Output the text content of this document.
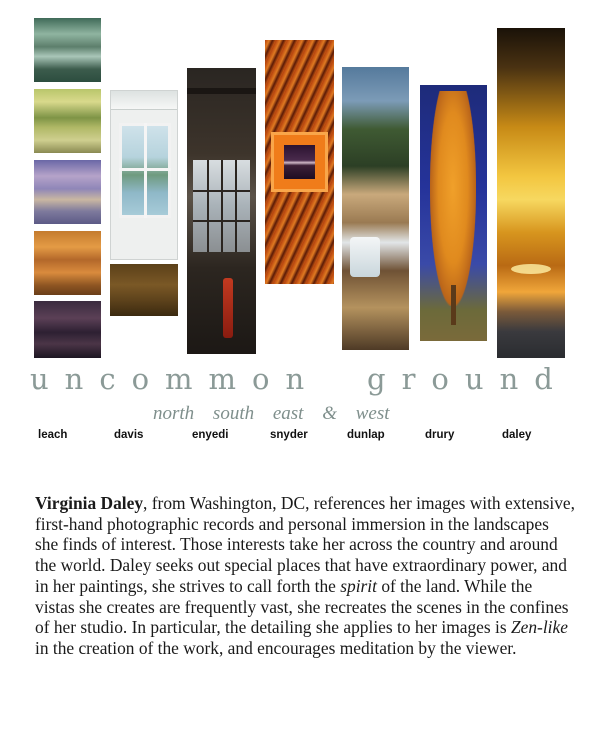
uncommon ground
north south east & west
leach	davis	enyedi	snyder	dunlap	drury	daley

Virginia Daley, from Washington, DC, references her images with extensive, first-hand photographic records and personal immersion in the landscapes she finds of interest. Those interests take her across the country and around the world. Daley seeks out special places that have extraordinary power, and in her paintings, she strives to call forth the spirit of the land. While the vistas she creates are frequently vast, she recreates the scenes in the confines of her studio. In particular, the detailing she applies to her images is Zen-like in the creation of the work, and encourages meditation by the viewer.
